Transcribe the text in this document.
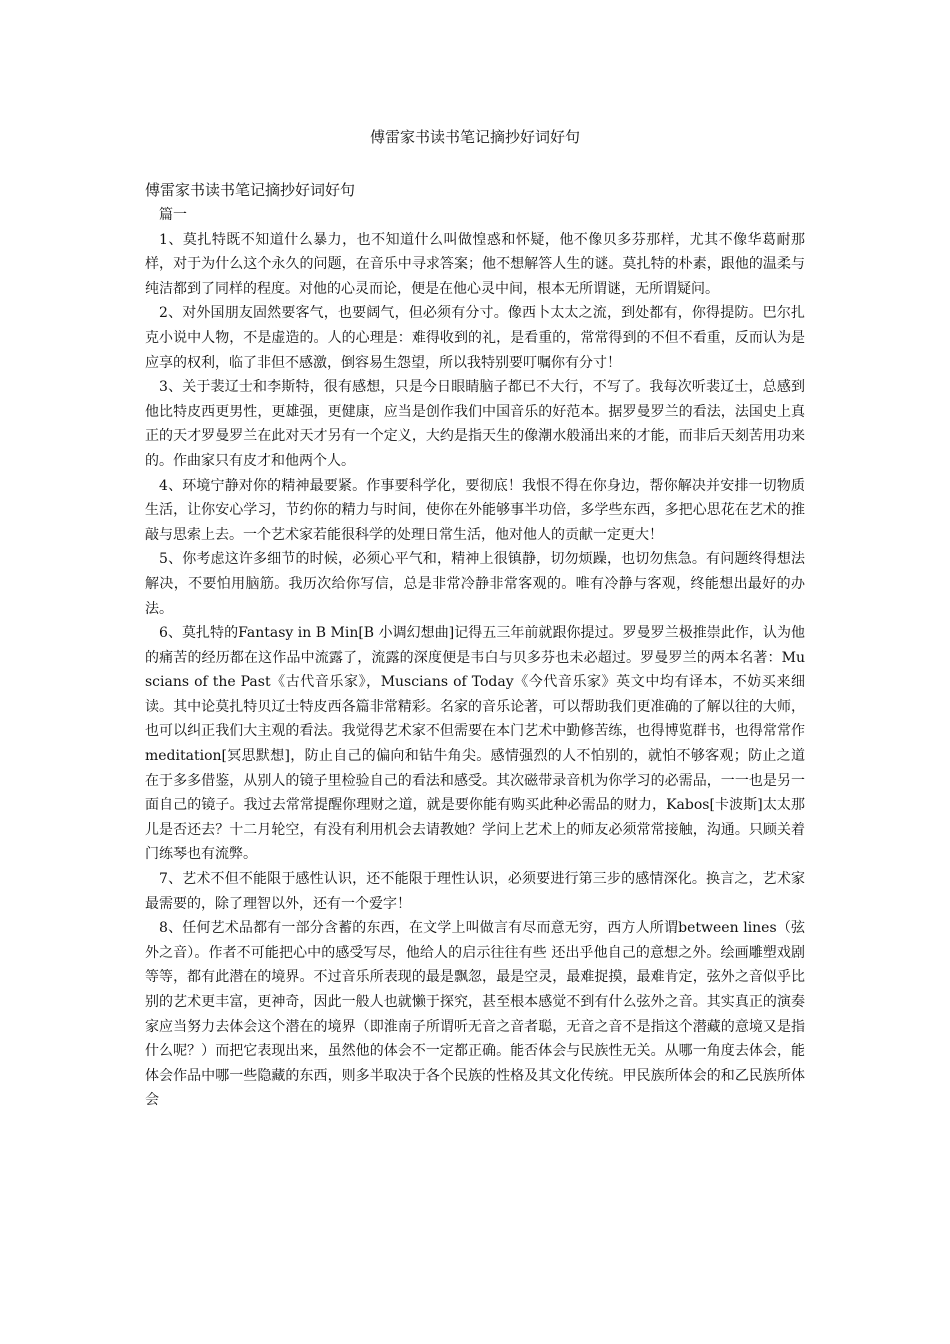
傅雷家书读书笔记摘抄好词好句

傅雷家书读书笔记摘抄好词好句

篇一

1、莫扎特既不知道什么暴力，也不知道什么叫做惶惑和怀疑，他不像贝多芬那样，尤其不像华葛耐那样，对于为什么这个永久的问题，在音乐中寻求答案；他不想解答人生的谜。莫扎特的朴素，跟他的温柔与纯洁都到了同样的程度。对他的心灵而论，便是在他心灵中间，根本无所谓谜，无所谓疑问。

2、对外国朋友固然要客气，也要阔气，但必须有分寸。像西卜太太之流，到处都有，你得提防。巴尔扎克小说中人物，不是虚造的。人的心理是：难得收到的礼，是看重的，常常得到的不但不看重，反而认为是应享的权利，临了非但不感激，倒容易生怨望，所以我特别要叮嘱你有分寸！

3、关于裴辽士和李斯特，很有感想，只是今日眼睛脑子都已不大行，不写了。我每次听裴辽士，总感到他比特皮西更男性，更雄强，更健康，应当是创作我们中国音乐的好范本。据罗曼罗兰的看法，法国史上真正的天才罗曼罗兰在此对天才另有一个定义，大约是指天生的像潮水般涌出来的才能，而非后天刻苦用功来的。作曲家只有皮才和他两个人。

4、环境宁静对你的精神最要紧。作事要科学化，要彻底！我恨不得在你身边，帮你解决并安排一切物质生活，让你安心学习，节约你的精力与时间，使你在外能够事半功倍，多学些东西，多把心思花在艺术的推敲与思索上去。一个艺术家若能很科学的处理日常生活，他对他人的贡献一定更大！

5、你考虑这许多细节的时候，必须心平气和，精神上很镇静，切勿烦躁，也切勿焦急。有问题终得想法解决，不要怕用脑筋。我历次给你写信，总是非常冷静非常客观的。唯有冷静与客观，终能想出最好的办法。

6、莫扎特的Fantasy in B Min[B 小调幻想曲]记得五三年前就跟你提过。罗曼罗兰极推崇此作，认为他的痛苦的经历都在这作品中流露了，流露的深度便是韦白与贝多芬也未必超过。罗曼罗兰的两本名著：Muscians of the Past《古代音乐家》，Muscians of Today《今代音乐家》英文中均有译本，不妨买来细读。其中论莫扎特贝辽士特皮西各篇非常精彩。名家的音乐论著，可以帮助我们更准确的了解以往的大师，也可以纠正我们大主观的看法。我觉得艺术家不但需要在本门艺术中勤修苦练，也得博览群书，也得常常作meditation[冥思默想]，防止自己的偏向和钻牛角尖。感情强烈的人不怕别的，就怕不够客观；防止之道在于多多借鉴，从别人的镜子里检验自己的看法和感受。其次磁带录音机为你学习的必需品，一一也是另一面自己的镜子。我过去常常提醒你理财之道，就是要你能有购买此种必需品的财力，Kabos[卡波斯]太太那儿是否还去？十二月轮空，有没有利用机会去请教她？学问上艺术上的师友必须常常接触，沟通。只顾关着门练琴也有流弊。

7、艺术不但不能限于感性认识，还不能限于理性认识，必须要进行第三步的感情深化。换言之，艺术家最需要的，除了理智以外，还有一个爱字！

8、任何艺术品都有一部分含蓄的东西，在文学上叫做言有尽而意无穷，西方人所谓between lines（弦外之音）。作者不可能把心中的感受写尽，他给人的启示往往有些 还出乎他自己的意想之外。绘画雕塑戏剧等等，都有此潜在的境界。不过音乐所表现的最是飘忽，最是空灵，最难捉摸，最难肯定，弦外之音似乎比别的艺术更丰富，更神奇，因此一般人也就懒于探究，甚至根本感觉不到有什么弦外之音。其实真正的演奏家应当努力去体会这个潜在的境界（即淮南子所谓听无音之音者聪，无音之音不是指这个潜藏的意境又是指什么呢？）而把它表现出来，虽然他的体会不一定都正确。能否体会与民族性无关。从哪一角度去体会，能体会作品中哪一些隐藏的东西，则多半取决于各个民族的性格及其文化传统。甲民族所体会的和乙民族所体会
